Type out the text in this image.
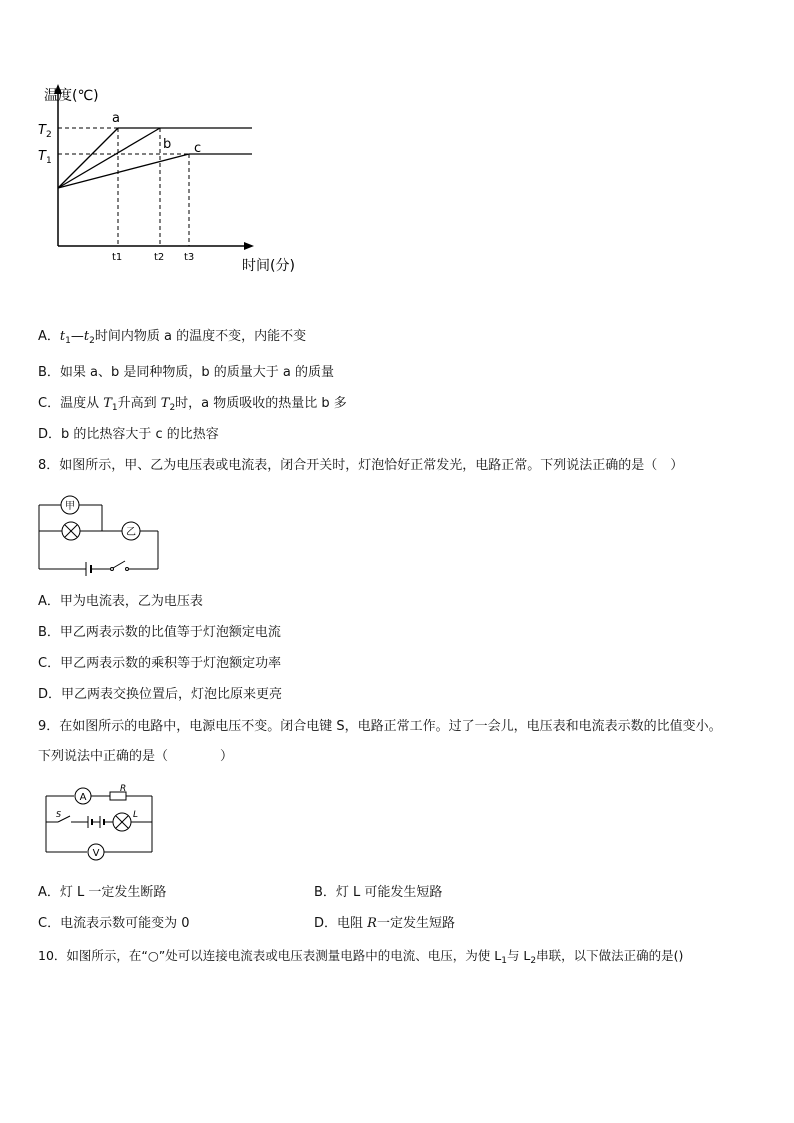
温度(℃)
时间(分)
$T_2$
$T_1$
a
b c
t1	t2 t3
A．$t_1—t_2$时间内物质 a 的温度不变，内能不变
B．如果 a、b 是同种物质，b 的质量大于 a 的质量
C．温度从 $T_1$升高到 $T_2$时，a 物质吸收的热量比 b 多
D．b 的比热容大于 c 的比热容
8．如图所示，甲、乙为电压表或电流表，闭合开关时，灯泡恰好正常发光，电路正常。下列说法正确的是（　）
甲
乙
A．甲为电流表，乙为电压表
B．甲乙两表示数的比值等于灯泡额定电流
C．甲乙两表示数的乘积等于灯泡额定功率
D．甲乙两表交换位置后，灯泡比原来更亮
9．在如图所示的电路中，电源电压不变。闭合电键 S，电路正常工作。过了一会儿，电压表和电流表示数的比值变小。
下列说法中正确的是（　　　　）
A
R
S	L
V
A．灯 L 一定发生断路	B．灯 L 可能发生短路
C．电流表示数可能变为 0	D．电阻 R一定发生短路
10．如图所示，在“○”处可以连接电流表或电压表测量电路中的电流、电压，为使 $L_1$与 $L_2$串联，以下做法正确的是()
